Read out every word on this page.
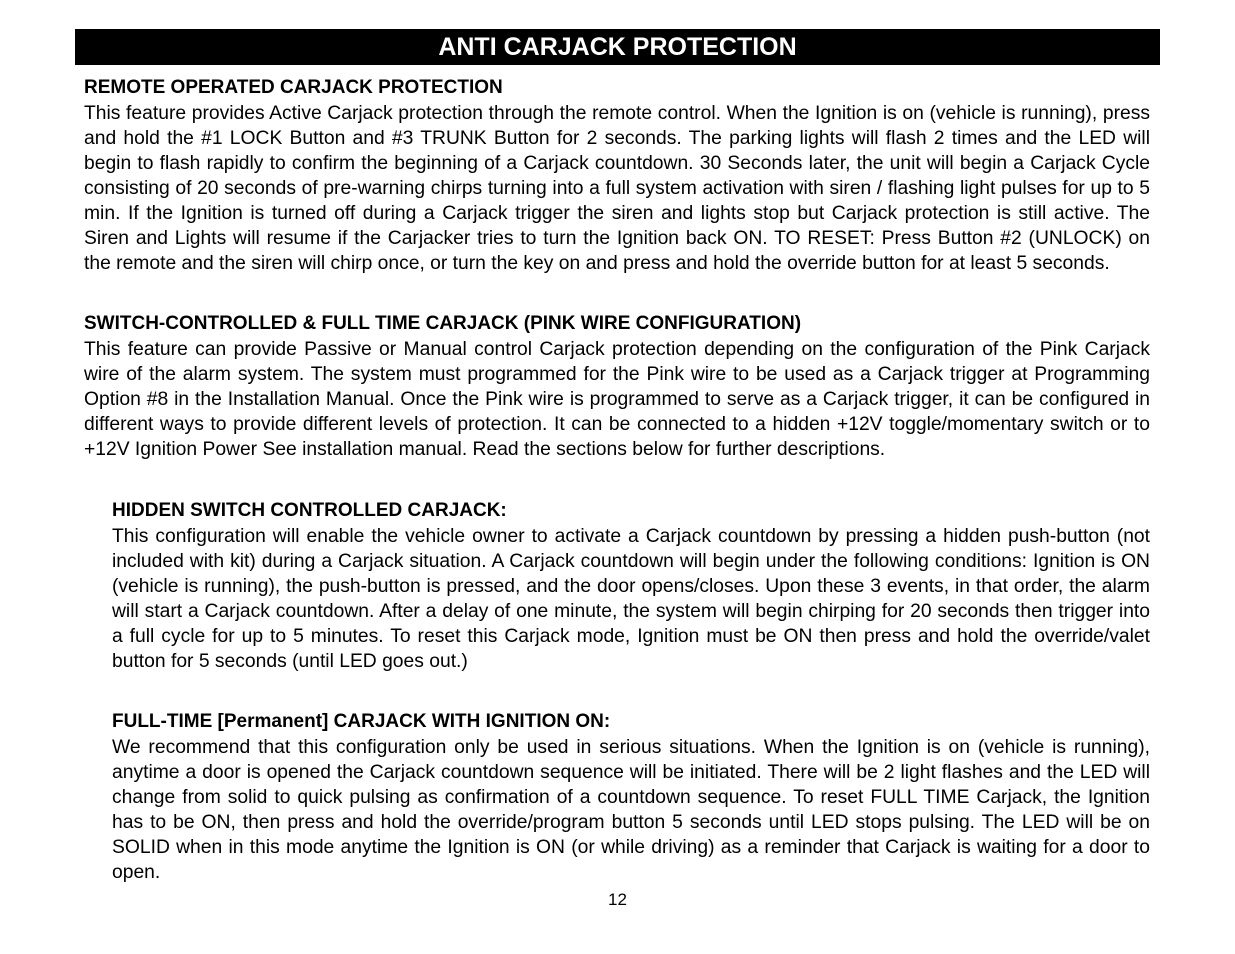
ANTI CARJACK PROTECTION

REMOTE OPERATED CARJACK PROTECTION

This feature provides Active Carjack protection through the remote control. When the Ignition is on (vehicle is running), press and hold the #1 LOCK Button and #3 TRUNK Button for 2 seconds. The parking lights will flash 2 times and the LED will begin to flash rapidly to confirm the beginning of a Carjack countdown. 30 Seconds later, the unit will begin a Carjack Cycle consisting of 20 seconds of pre-warning chirps turning into a full system activation with siren / flashing light pulses for up to 5 min. If the Ignition is turned off during a Carjack trigger the siren and lights stop but Carjack protection is still active. The Siren and Lights will resume if the Carjacker tries to turn the Ignition back ON. TO RESET: Press Button #2 (UNLOCK) on the remote and the siren will chirp once, or turn the key on and press and hold the override button for at least 5 seconds.

SWITCH-CONTROLLED & FULL TIME CARJACK (PINK WIRE CONFIGURATION)

This feature can provide Passive or Manual control Carjack protection depending on the configuration of the Pink Carjack wire of the alarm system. The system must programmed for the Pink wire to be used as a Carjack trigger at Programming Option #8 in the Installation Manual. Once the Pink wire is programmed to serve as a Carjack trigger, it can be configured in different ways to provide different levels of protection. It can be connected to a hidden +12V toggle/momentary switch or to +12V Ignition Power See installation manual. Read the sections below for further descriptions.

HIDDEN SWITCH CONTROLLED CARJACK:

This configuration will enable the vehicle owner to activate a Carjack countdown by pressing a hidden push-button (not included with kit) during a Carjack situation. A Carjack countdown will begin under the following conditions: Ignition is ON (vehicle is running), the push-button is pressed, and the door opens/closes. Upon these 3 events, in that order, the alarm will start a Carjack countdown. After a delay of one minute, the system will begin chirping for 20 seconds then trigger into a full cycle for up to 5 minutes. To reset this Carjack mode, Ignition must be ON then press and hold the override/valet button for 5 seconds (until LED goes out.)

FULL-TIME [Permanent] CARJACK WITH IGNITION ON:

We recommend that this configuration only be used in serious situations. When the Ignition is on (vehicle is running), anytime a door is opened the Carjack countdown sequence will be initiated. There will be 2 light flashes and the LED will change from solid to quick pulsing as confirmation of a countdown sequence. To reset FULL TIME Carjack, the Ignition has to be ON, then press and hold the override/program button 5 seconds until LED stops pulsing. The LED will be on SOLID when in this mode anytime the Ignition is ON (or while driving) as a reminder that Carjack is waiting for a door to open.

12
